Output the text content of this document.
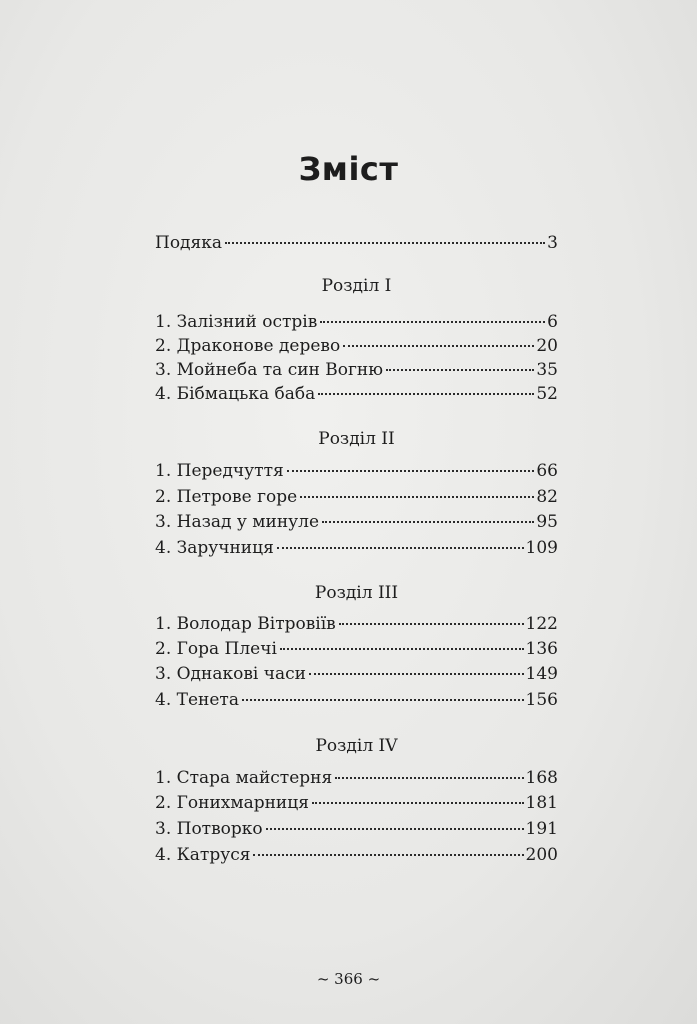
Зміст
Подяка	3
Розділ I
1. Залізний острів	6
2. Драконове дерево	20
3. Мойнеба та син Вогню	35
4. Бібмацька баба	52
Розділ II
1. Передчуття	66
2. Петрове горе	82
3. Назад у минуле	95
4. Заручниця	109
Розділ III
1. Володар Вітровіїв	122
2. Гора Плечі	136
3. Однакові часи	149
4. Тенета	156
Розділ IV
1. Стара майстерня	168
2. Гонихмарниця	181
3. Потворко	191
4. Катруся	200
~ 366 ~
